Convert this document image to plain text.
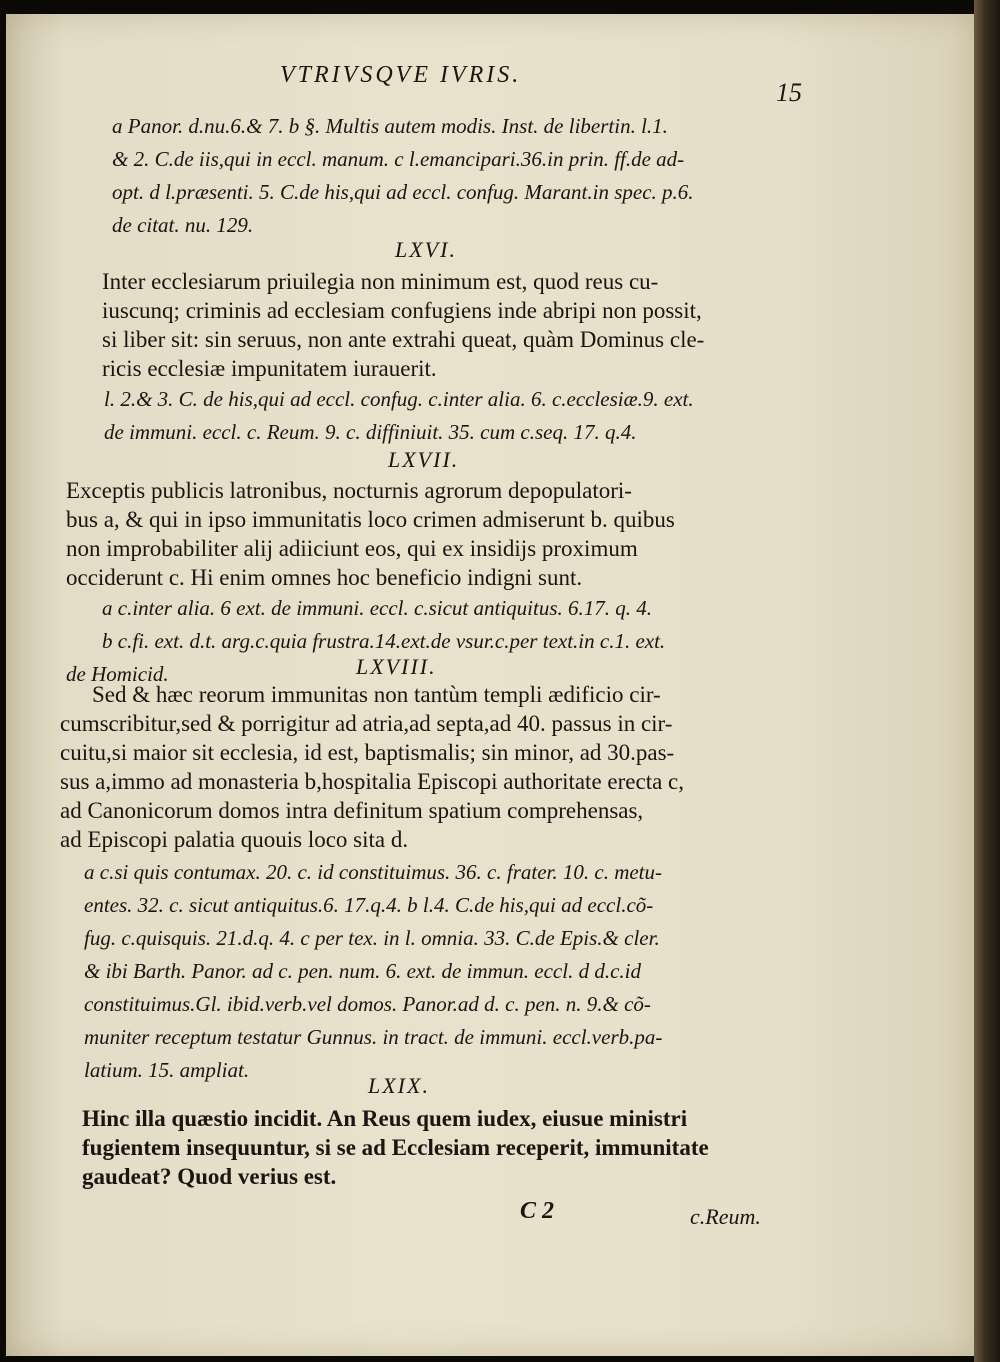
VTRIVSQVE IVRIS.
15
a Panor. d.nu.6.& 7. b §. Multis autem modis. Inst. de libertin. l.1.
& 2. C.de iis,qui in eccl. manum. c l.emancipari.36.in prin. ff.de ad-
opt. d l.præsenti. 5. C.de his,qui ad eccl. confug. Marant.in spec. p.6.
de citat. nu. 129.
LXVI.
Inter ecclesiarum priuilegia non minimum est, quod reus cu-
iuscunq; criminis ad ecclesiam confugiens inde abripi non possit,
si liber sit: sin seruus, non ante extrahi queat, quàm Dominus cle-
ricis ecclesiæ impunitatem iurauerit.
l. 2.& 3. C. de his,qui ad eccl. confug. c.inter alia. 6. c.ecclesiæ.9. ext.
de immuni. eccl. c. Reum. 9. c. diffiniuit. 35. cum c.seq. 17. q.4.
LXVII.
Exceptis publicis latronibus, nocturnis agrorum depopulatori-
bus a, & qui in ipso immunitatis loco crimen admiserunt b. quibus
non improbabiliter alij adiiciunt eos, qui ex insidijs proximum
occiderunt c. Hi enim omnes hoc beneficio indigni sunt.
a c.inter alia. 6 ext. de immuni. eccl. c.sicut antiquitus. 6.17. q. 4.
b c.fi. ext. d.t. arg.c.quia frustra.14.ext.de vsur.c.per text.in c.1. ext.
de Homicid.	LXVIII.
Sed & hæc reorum immunitas non tantùm templi ædificio cir-
cumscribitur,sed & porrigitur ad atria,ad septa,ad 40. passus in cir-
cuitu,si maior sit ecclesia, id est, baptismalis; sin minor, ad 30.pas-
sus a,immo ad monasteria b,hospitalia Episcopi authoritate erecta c,
ad Canonicorum domos intra definitum spatium comprehensas,
ad Episcopi palatia quouis loco sita d.
a c.si quis contumax. 20. c. id constituimus. 36. c. frater. 10. c. metu-
entes. 32. c. sicut antiquitus.6. 17.q.4. b l.4. C.de his,qui ad eccl.cõ-
fug. c.quisquis. 21.d.q. 4. c per tex. in l. omnia. 33. C.de Epis.& cler.
& ibi Barth. Panor. ad c. pen. num. 6. ext. de immun. eccl. d d.c.id
constituimus.Gl. ibid.verb.vel domos. Panor.ad d. c. pen. n. 9.& cõ-
muniter receptum testatur Gunnus. in tract. de immuni. eccl.verb.pa-
latium. 15. ampliat.
LXIX.
Hinc illa quæstio incidit. An Reus quem iudex, eiusue ministri
fugientem insequuntur, si se ad Ecclesiam receperit, immunitate
gaudeat? Quod verius est.
C 2	c.Reum.
